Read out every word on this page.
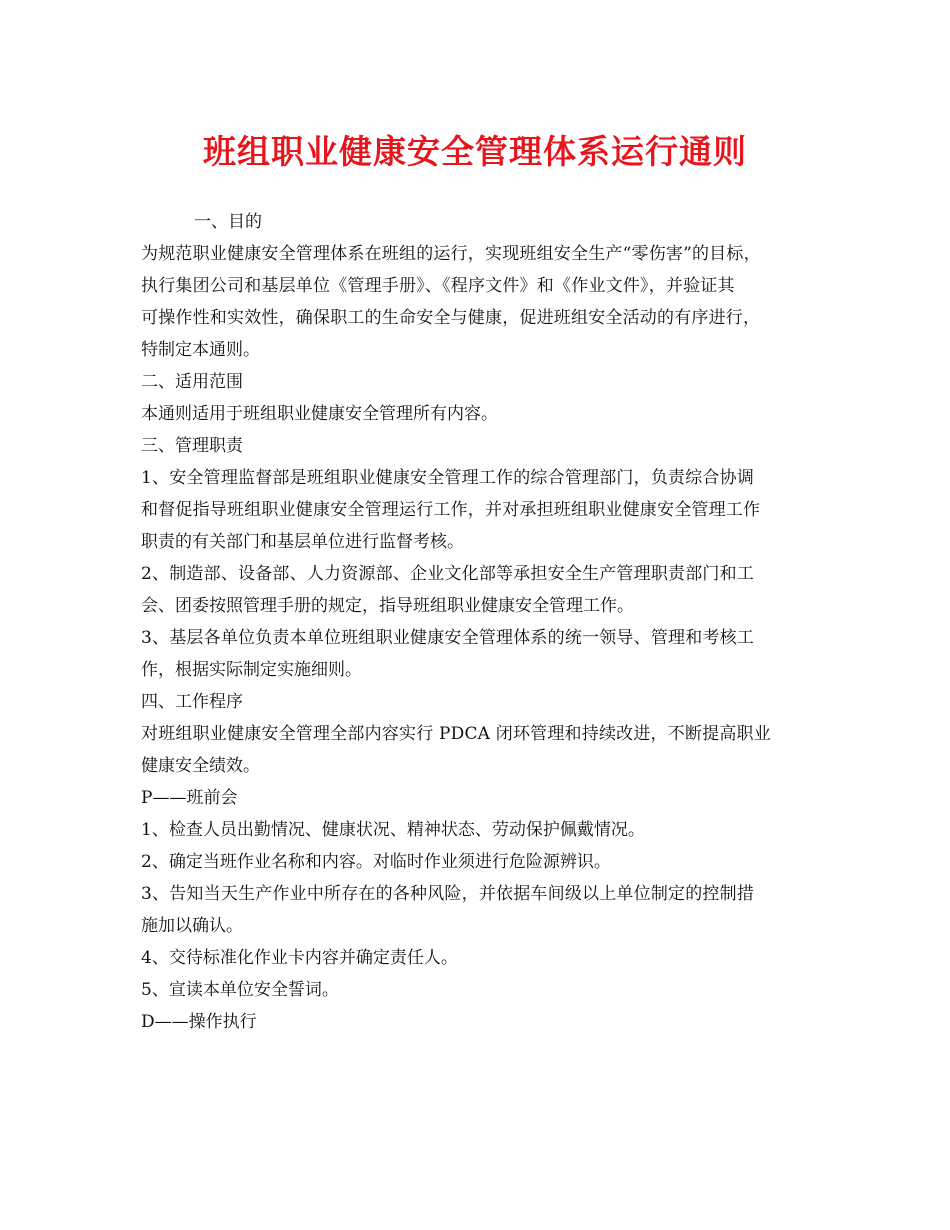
班组职业健康安全管理体系运行通则
一、目的
为规范职业健康安全管理体系在班组的运行，实现班组安全生产“零伤害”的目标，
执行集团公司和基层单位《管理手册》、《程序文件》和《作业文件》，并验证其
可操作性和实效性，确保职工的生命安全与健康，促进班组安全活动的有序进行，
特制定本通则。
二、适用范围
本通则适用于班组职业健康安全管理所有内容。
三、管理职责
1、安全管理监督部是班组职业健康安全管理工作的综合管理部门，负责综合协调
和督促指导班组职业健康安全管理运行工作，并对承担班组职业健康安全管理工作
职责的有关部门和基层单位进行监督考核。
2、制造部、设备部、人力资源部、企业文化部等承担安全生产管理职责部门和工
会、团委按照管理手册的规定，指导班组职业健康安全管理工作。
3、基层各单位负责本单位班组职业健康安全管理体系的统一领导、管理和考核工
作，根据实际制定实施细则。
四、工作程序
对班组职业健康安全管理全部内容实行 PDCA 闭环管理和持续改进，不断提高职业
健康安全绩效。
P——班前会
1、检查人员出勤情况、健康状况、精神状态、劳动保护佩戴情况。
2、确定当班作业名称和内容。对临时作业须进行危险源辨识。
3、告知当天生产作业中所存在的各种风险，并依据车间级以上单位制定的控制措
施加以确认。
4、交待标准化作业卡内容并确定责任人。
5、宣读本单位安全誓词。
D——操作执行
